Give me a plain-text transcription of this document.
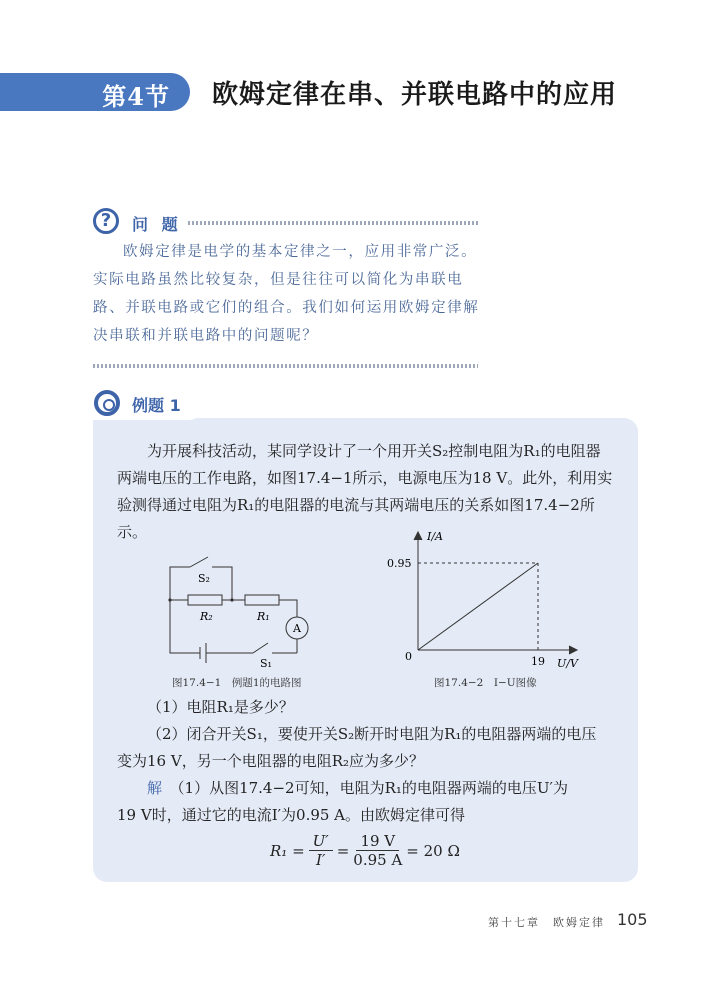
第4节 欧姆定律在串、并联电路中的应用
?	问 题

欧姆定律是电学的基本定律之一，应用非常广泛。实际电路虽然比较复杂，但是往往可以简化为串联电路、并联电路或它们的组合。我们如何运用欧姆定律解决串联和并联电路中的问题呢？

例题 1

为开展科技活动，某同学设计了一个用开关S₂控制电阻为R₁的电阻器

两端电压的工作电路，如图17.4−1所示，电源电压为18 V。此外，利用实

验测得通过电阻为R₁的电阻器的电流与其两端电压的关系如图17.4−2所示。

S₂
R₂	R₁
A
S₁
图17.4−1　例题1的电路图
I/A
0.95
0	19 U/V
图17.4−2　I−U图像

（1）电阻R₁是多少？

（2）闭合开关S₁，要使开关S₂断开时电阻为R₁的电阻器两端的电压

变为16 V，另一个电阻器的电阻R₂应为多少？

解　 （1）从图17.4−2可知，电阻为R₁的电阻器两端的电压U′为

19 V时，通过它的电流I′为0.95 A。由欧姆定律可得

$R_1 = \frac{U'}{I'} = \frac{19 V}{0.95 A} = 20$ Ω
第十七章　欧姆定律 105
